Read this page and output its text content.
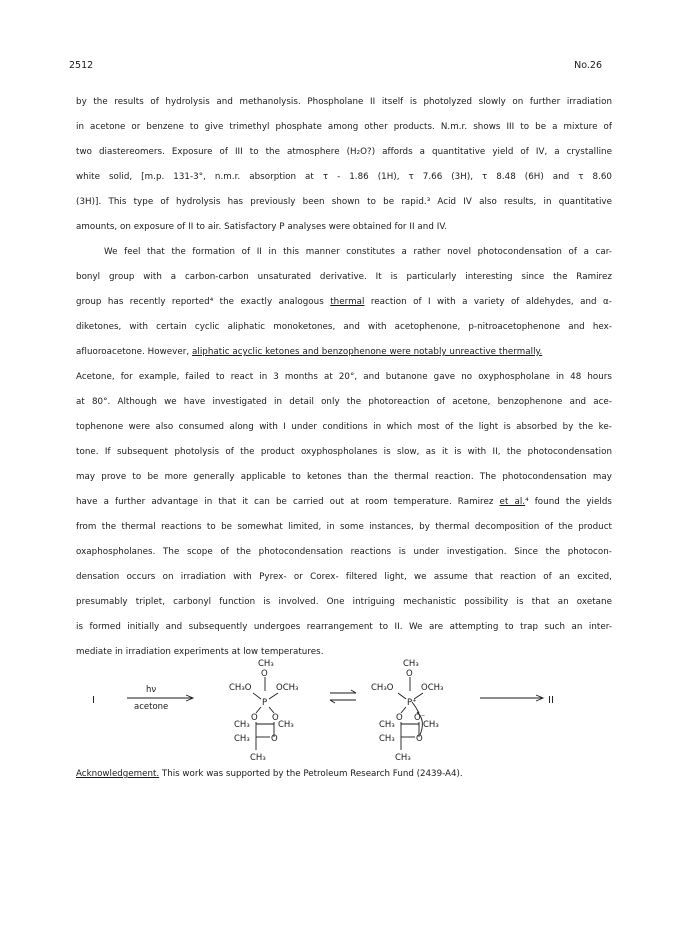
2512	No.26

by the results of hydrolysis and methanolysis. Phospholane II itself is photolyzed slowly on further irradiation

in acetone or benzene to give trimethyl phosphate among other products. N.m.r. shows III to be a mixture of

two diastereomers. Exposure of III to the atmosphere (H₂O?) affords a quantitative yield of IV, a crystalline

white solid, [m.p. 131-3°, n.m.r. absorption at τ - 1.86 (1H), τ 7.66 (3H), τ 8.48 (6H) and τ 8.60

(3H)]. This type of hydrolysis has previously been shown to be rapid.³ Acid IV also results, in quantitative

amounts, on exposure of II to air. Satisfactory P analyses were obtained for II and IV.

We feel that the formation of II in this manner constitutes a rather novel photocondensation of a car-

bonyl group with a carbon-carbon unsaturated derivative. It is particularly interesting since the Ramirez

group has recently reported⁴ the exactly analogous thermal reaction of I with a variety of aldehydes, and α-

diketones, with certain cyclic aliphatic monoketones, and with acetophenone, p-nitroacetophenone and hex-

afluoroacetone. However, aliphatic acyclic ketones and benzophenone were notably unreactive thermally.

Acetone, for example, failed to react in 3 months at 20°, and butanone gave no oxyphospholane in 48 hours

at 80°. Although we have investigated in detail only the photoreaction of acetone, benzophenone and ace-

tophenone were also consumed along with I under conditions in which most of the light is absorbed by the ke-

tone. If subsequent photolysis of the product oxyphospholanes is slow, as it is with II, the photocondensation

may prove to be more generally applicable to ketones than the thermal reaction. The photocondensation may

have a further advantage in that it can be carried out at room temperature. Ramirez et al.⁴ found the yields

from the thermal reactions to be somewhat limited, in some instances, by thermal decomposition of the product

oxaphospholanes. The scope of the photocondensation reactions is under investigation. Since the photocon-

densation occurs on irradiation with Pyrex- or Corex- filtered light, we assume that reaction of an excited,

presumably triplet, carbonyl function is involved. One intriguing mechanistic possibility is that an oxetane

is formed initially and subsequently undergoes rearrangement to II. We are attempting to trap such an inter-

mediate in irradiation experiments at low temperatures.

I
hν
acetone
II
CH₃
O
CH₃O	OCH₃
P
O O
CH₃	CH₃
CH₃	O
CH₃
CH₃
O
CH₃O	OCH₃
P⁺
O O⁻
CH₃	CH₃
CH₃	O
CH₃
Acknowledgement. This work was supported by the Petroleum Research Fund (2439-A4).
